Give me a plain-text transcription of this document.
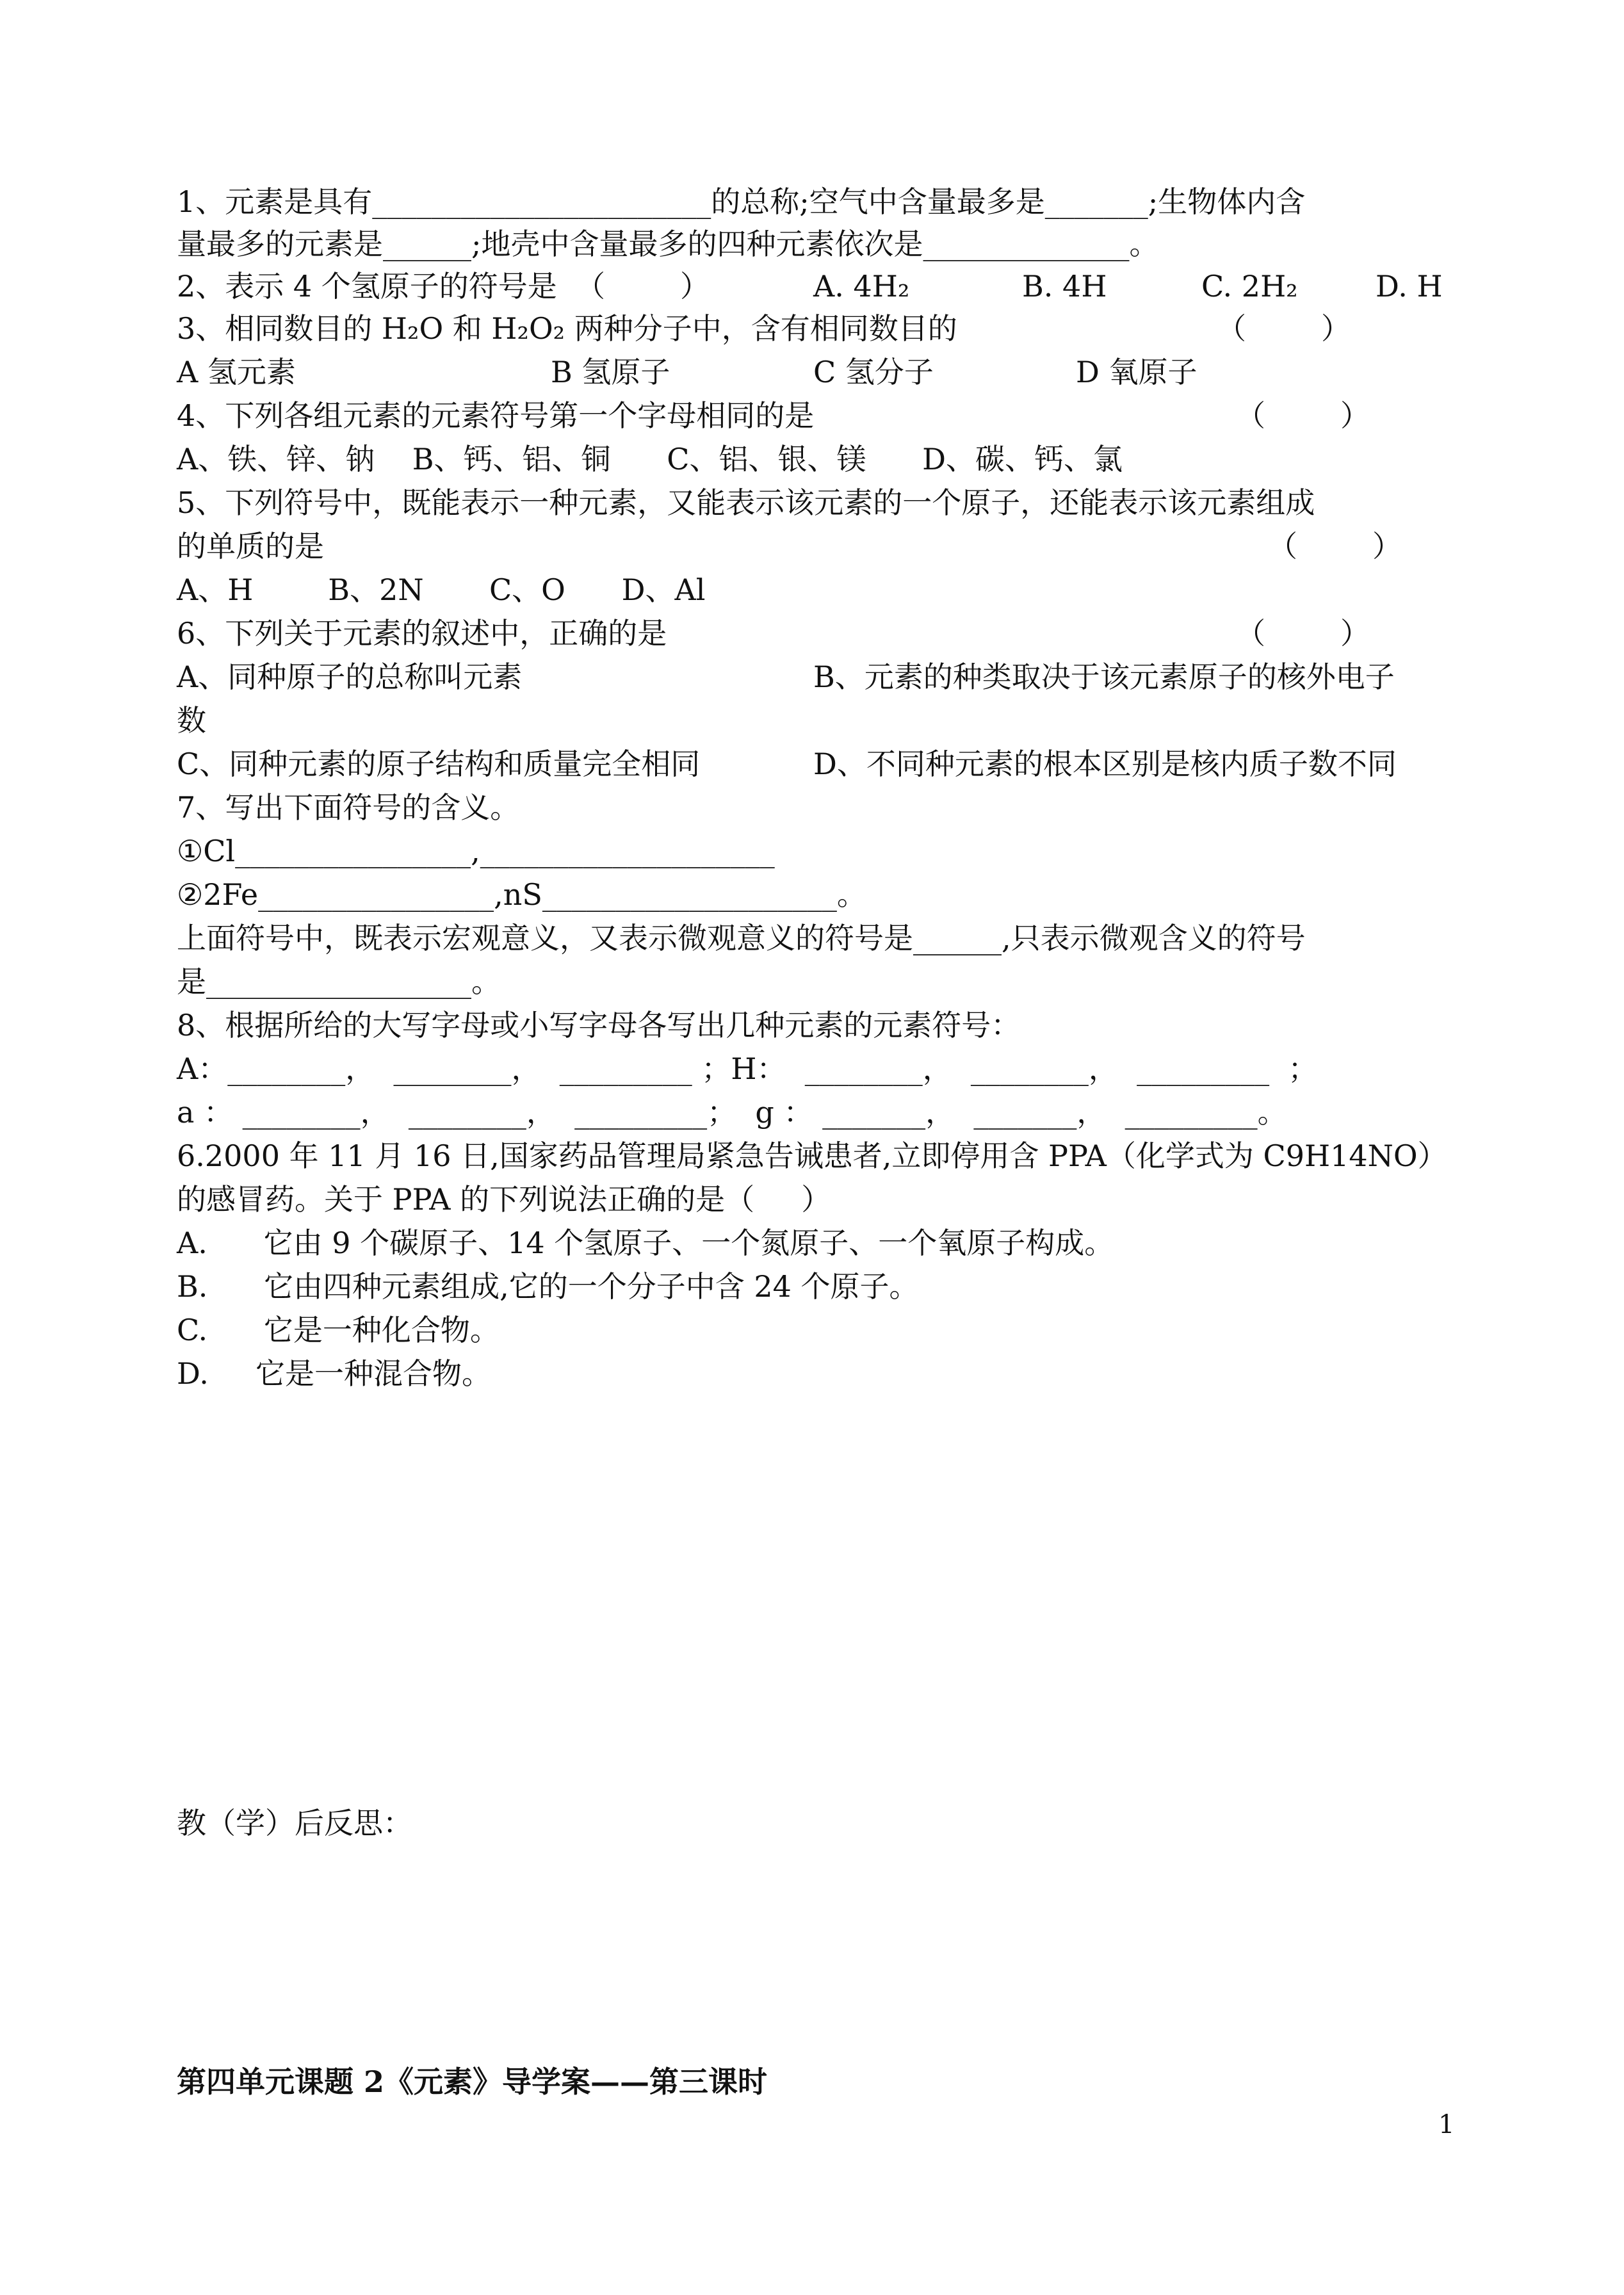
1、元素是具有_______________________的总称;空气中含量最多是_______;生物体内含
量最多的元素是______;地壳中含量最多的四种元素依次是______________。
2、表示 4 个氢原子的符号是  （        ）	A. 4H₂	B. 4H	C. 2H₂	D. H
3、相同数目的 H₂O 和 H₂O₂ 两种分子中，含有相同数目的	（        ）
A 氢元素	B 氢原子	C 氢分子	D 氧原子
4、下列各组元素的元素符号第一个字母相同的是	（        ）
A、铁、锌、钠    B、钙、铝、铜      C、铝、银、镁      D、碳、钙、氯
5、下列符号中，既能表示一种元素，又能表示该元素的一个原子，还能表示该元素组成
的单质的是	（        ）
A、H        B、2N       C、O      D、Al
6、下列关于元素的叙述中，正确的是	（        ）
A、同种原子的总称叫元素	B、元素的种类取决于该元素原子的核外电子
数
C、同种元素的原子结构和质量完全相同	D、不同种元素的根本区别是核内质子数不同
7、写出下面符号的含义。
①Cl________________,____________________
②2Fe________________,nS____________________。
上面符号中，既表示宏观意义，又表示微观意义的符号是______,只表示微观含义的符号
是__________________。
8、根据所给的大写字母或小写字母各写出几种元素的元素符号：
A：________，  ________，  _________ ；H：  ________，  ________，  _________  ；
a ： ________，  ________，  _________；  g ： _______，  _______，  _________。
6.2000 年 11 月 16 日,国家药品管理局紧急告诫患者,立即停用含 PPA（化学式为 C9H14NO）
的感冒药。关于 PPA 的下列说法正确的是（     ）
A.      它由 9 个碳原子、14 个氢原子、一个氮原子、一个氧原子构成。
B.      它由四种元素组成,它的一个分子中含 24 个原子。
C.      它是一种化合物。
D.     它是一种混合物。
教（学）后反思：
第四单元课题 2《元素》导学案——第三课时
1
